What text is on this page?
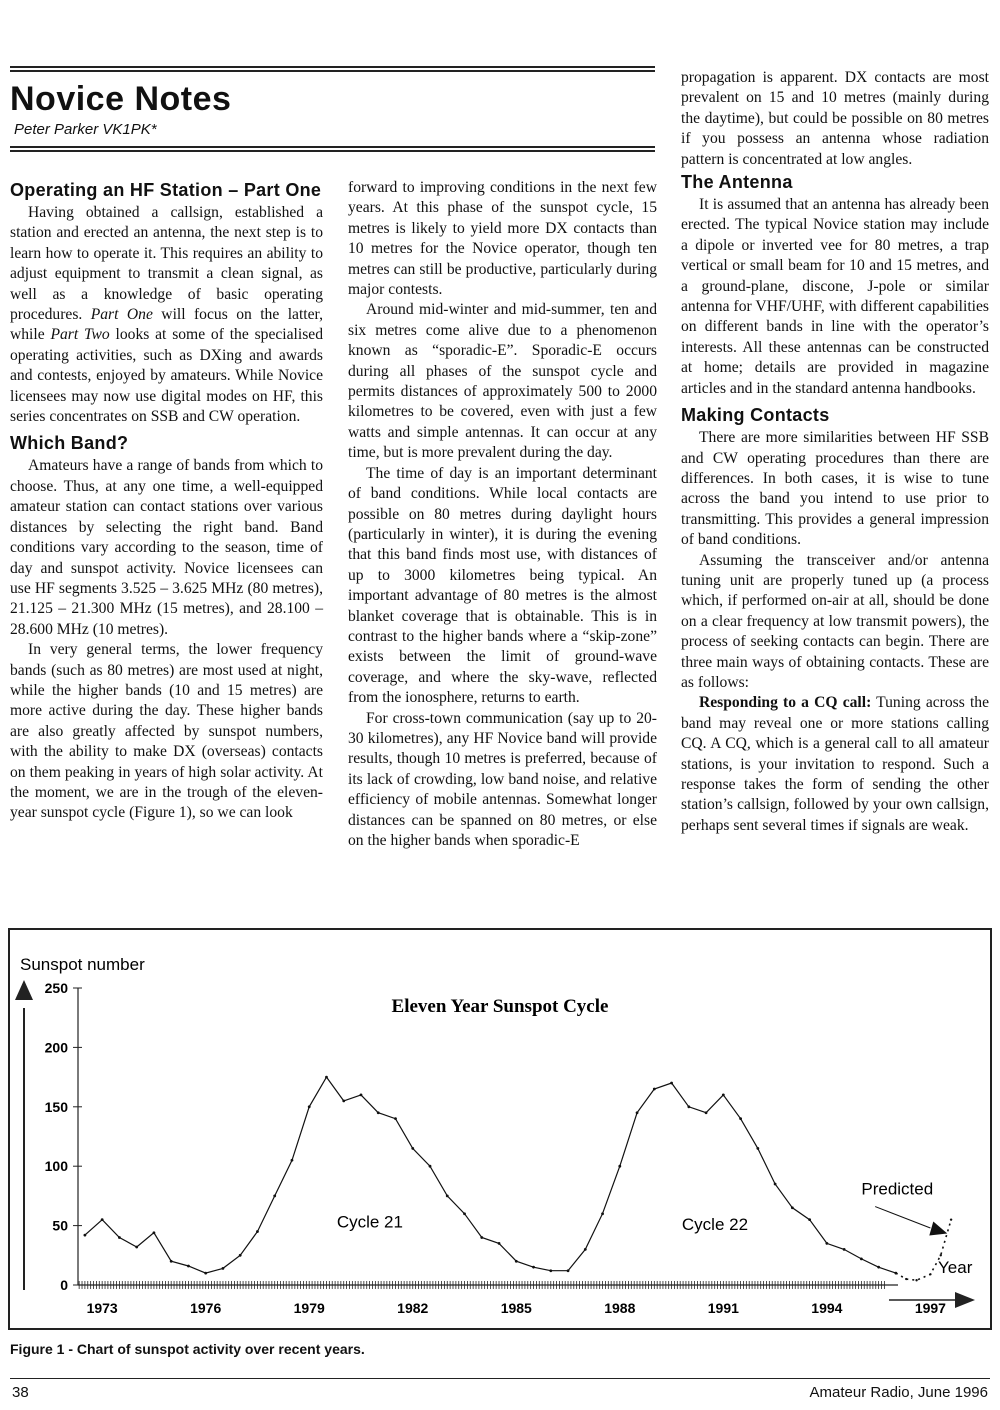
Novice Notes
Peter Parker VK1PK*
Operating an HF Station – Part One

Having obtained a callsign, established a station and erected an antenna, the next step is to learn how to operate it. This requires an ability to adjust equipment to transmit a clean signal, as well as a knowledge of basic operating procedures. Part One will focus on the latter, while Part Two looks at some of the specialised operating activities, such as DXing and awards and contests, enjoyed by amateurs. While Novice licensees may now use digital modes on HF, this series concentrates on SSB and CW operation.

Which Band?

Amateurs have a range of bands from which to choose. Thus, at any one time, a well-equipped amateur station can contact stations over various distances by selecting the right band. Band conditions vary according to the season, time of day and sunspot activity. Novice licensees can use HF segments 3.525 – 3.625 MHz (80 metres), 21.125 – 21.300 MHz (15 metres), and 28.100 – 28.600 MHz (10 metres).

In very general terms, the lower frequency bands (such as 80 metres) are most used at night, while the higher bands (10 and 15 metres) are more active during the day. These higher bands are also greatly affected by sunspot numbers, with the ability to make DX (overseas) contacts on them peaking in years of high solar activity. At the moment, we are in the trough of the eleven-year sunspot cycle (Figure 1), so we can look

forward to improving conditions in the next few years. At this phase of the sunspot cycle, 15 metres is likely to yield more DX contacts than 10 metres for the Novice operator, though ten metres can still be productive, particularly during major contests.

Around mid-winter and mid-summer, ten and six metres come alive due to a phenomenon known as “sporadic-E”. Sporadic-E occurs during all phases of the sunspot cycle and permits distances of approximately 500 to 2000 kilometres to be covered, even with just a few watts and simple antennas. It can occur at any time, but is more prevalent during the day.

The time of day is an important determinant of band conditions. While local contacts are possible on 80 metres during daylight hours (particularly in winter), it is during the evening that this band finds most use, with distances of up to 3000 kilometres being typical. An important advantage of 80 metres is the almost blanket coverage that is obtainable. This is in contrast to the higher bands where a “skip-zone” exists between the limit of ground-wave coverage, and where the sky-wave, reflected from the ionosphere, returns to earth.

For cross-town communication (say up to 20-30 kilometres), any HF Novice band will provide results, though 10 metres is preferred, because of its lack of crowding, low band noise, and relative efficiency of mobile antennas. Somewhat longer distances can be spanned on 80 metres, or else on the higher bands when sporadic-E

propagation is apparent. DX contacts are most prevalent on 15 and 10 metres (mainly during the daytime), but could be possible on 80 metres if you possess an antenna whose radiation pattern is concentrated at low angles.

The Antenna

It is assumed that an antenna has already been erected. The typical Novice station may include a dipole or inverted vee for 80 metres, a trap vertical or small beam for 10 and 15 metres, and a ground-plane, discone, J-pole or similar antenna for VHF/UHF, with different capabilities on different bands in line with the operator’s interests. All these antennas can be constructed at home; details are provided in magazine articles and in the standard antenna handbooks.

Making Contacts

There are more similarities between HF SSB and CW operating procedures than there are differences. In both cases, it is wise to tune across the band you intend to use prior to transmitting. This provides a general impression of band conditions.

Assuming the transceiver and/or antenna tuning unit are properly tuned up (a process which, if performed on-air at all, should be done on a clear frequency at low transmit powers), the process of seeking contacts can begin. There are three main ways of obtaining contacts. These are as follows:

Responding to a CQ call: Tuning across the band may reveal one or more stations calling CQ. A CQ, which is a general call to all amateur stations, is your invitation to respond. Such a response takes the form of sending the other station’s callsign, followed by your own callsign, perhaps sent several times if signals are weak.

Sunspot number
0
50
100
150
200
250
1973	1976	1979	1982	1985	1988	1991	1994	1997
Year
Eleven Year Sunspot Cycle
Cycle 21	Cycle 22
Predicted
Figure 1 - Chart of sunspot activity over recent years.
38	Amateur Radio, June 1996
